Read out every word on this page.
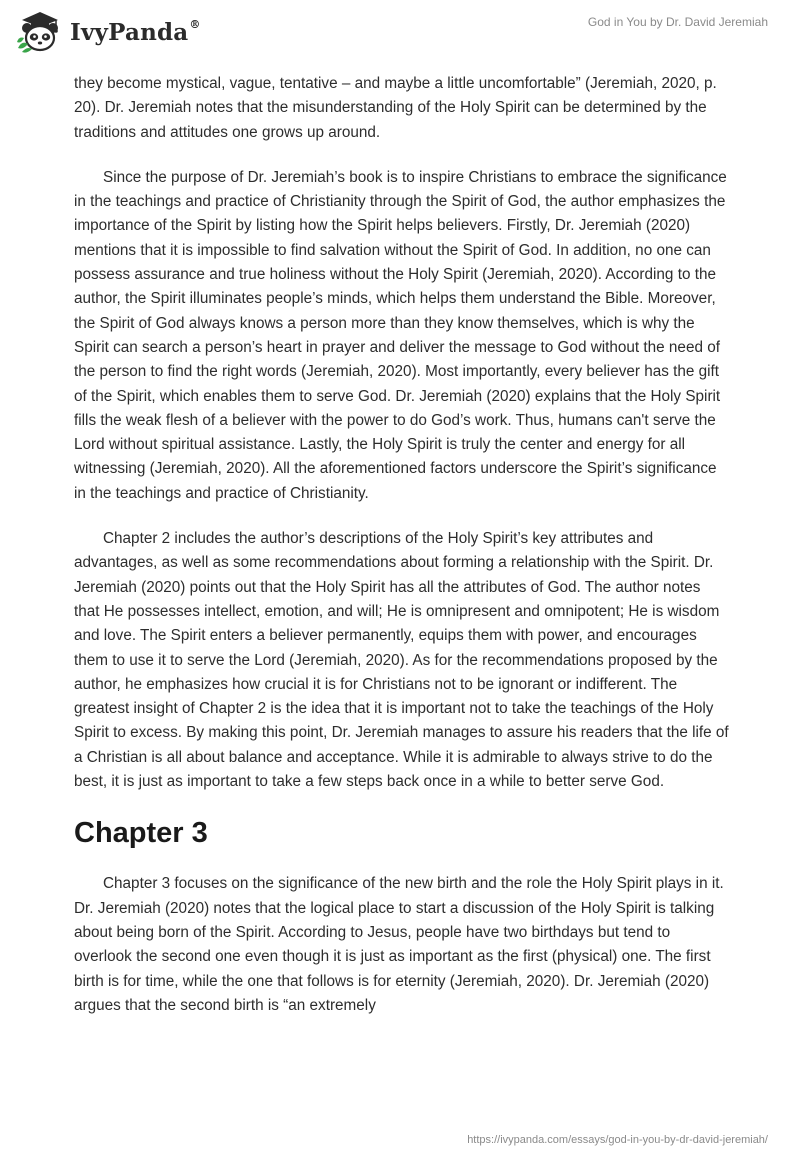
IvyPanda®	God in You by Dr. David Jeremiah

they become mystical, vague, tentative – and maybe a little uncomfortable” (Jeremiah, 2020, p. 20). Dr. Jeremiah notes that the misunderstanding of the Holy Spirit can be determined by the traditions and attitudes one grows up around.

Since the purpose of Dr. Jeremiah’s book is to inspire Christians to embrace the significance in the teachings and practice of Christianity through the Spirit of God, the author emphasizes the importance of the Spirit by listing how the Spirit helps believers. Firstly, Dr. Jeremiah (2020) mentions that it is impossible to find salvation without the Spirit of God. In addition, no one can possess assurance and true holiness without the Holy Spirit (Jeremiah, 2020). According to the author, the Spirit illuminates people’s minds, which helps them understand the Bible. Moreover, the Spirit of God always knows a person more than they know themselves, which is why the Spirit can search a person’s heart in prayer and deliver the message to God without the need of the person to find the right words (Jeremiah, 2020). Most importantly, every believer has the gift of the Spirit, which enables them to serve God. Dr. Jeremiah (2020) explains that the Holy Spirit fills the weak flesh of a believer with the power to do God’s work. Thus, humans can't serve the Lord without spiritual assistance. Lastly, the Holy Spirit is truly the center and energy for all witnessing (Jeremiah, 2020). All the aforementioned factors underscore the Spirit’s significance in the teachings and practice of Christianity.

Chapter 2 includes the author’s descriptions of the Holy Spirit’s key attributes and advantages, as well as some recommendations about forming a relationship with the Spirit. Dr. Jeremiah (2020) points out that the Holy Spirit has all the attributes of God. The author notes that He possesses intellect, emotion, and will; He is omnipresent and omnipotent; He is wisdom and love. The Spirit enters a believer permanently, equips them with power, and encourages them to use it to serve the Lord (Jeremiah, 2020). As for the recommendations proposed by the author, he emphasizes how crucial it is for Christians not to be ignorant or indifferent. The greatest insight of Chapter 2 is the idea that it is important not to take the teachings of the Holy Spirit to excess. By making this point, Dr. Jeremiah manages to assure his readers that the life of a Christian is all about balance and acceptance. While it is admirable to always strive to do the best, it is just as important to take a few steps back once in a while to better serve God.

Chapter 3

Chapter 3 focuses on the significance of the new birth and the role the Holy Spirit plays in it. Dr. Jeremiah (2020) notes that the logical place to start a discussion of the Holy Spirit is talking about being born of the Spirit. According to Jesus, people have two birthdays but tend to overlook the second one even though it is just as important as the first (physical) one. The first birth is for time, while the one that follows is for eternity (Jeremiah, 2020). Dr. Jeremiah (2020) argues that the second birth is “an extremely

https://ivypanda.com/essays/god-in-you-by-dr-david-jeremiah/
